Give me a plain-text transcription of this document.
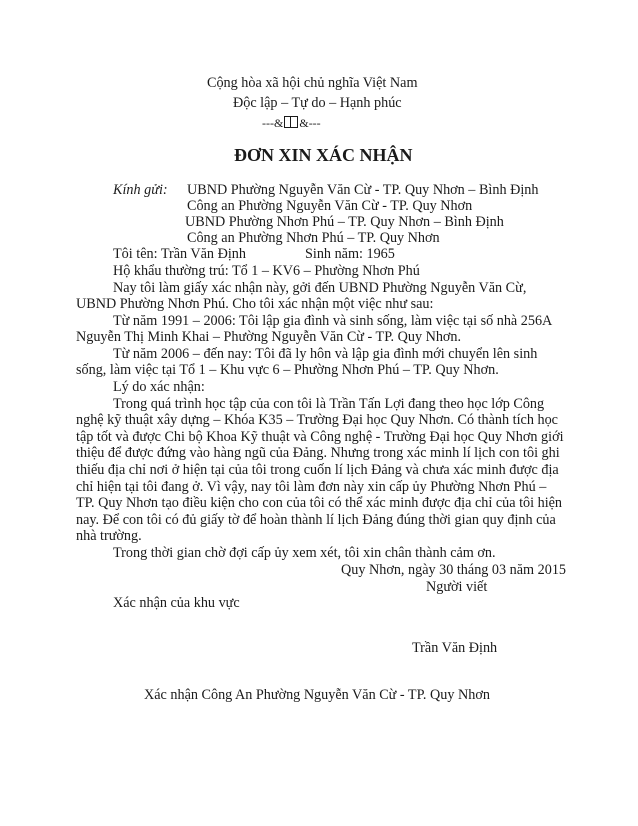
Cộng hòa xã hội chủ nghĩa Việt Nam
Độc lập – Tự do – Hạnh phúc
---& &---
ĐƠN XIN XÁC NHẬN
Kính gửi: UBND Phường Nguyễn Văn Cừ - TP. Quy Nhơn – Bình Định
Công an Phường Nguyễn Văn Cừ - TP. Quy Nhơn
UBND Phường Nhơn Phú – TP. Quy Nhơn – Bình Định
Công an Phường Nhơn Phú – TP. Quy Nhơn
Tôi tên: Trần Văn Định	Sinh năm: 1965
Hộ khẩu thường trú: Tổ 1 – KV6 – Phường Nhơn Phú
Nay tôi làm giấy xác nhận này, gởi đến UBND Phường Nguyễn Văn Cừ,
UBND Phường Nhơn Phú. Cho tôi xác nhận một việc như sau:
Từ năm 1991 – 2006: Tôi lập gia đình và sinh sống, làm việc tại số nhà 256A
Nguyễn Thị Minh Khai – Phường Nguyễn Văn Cừ - TP. Quy Nhơn.
Từ năm 2006 – đến nay: Tôi đã ly hôn và lập gia đình mới chuyển lên sinh
sống, làm việc tại Tổ 1 – Khu vực 6 – Phường Nhơn Phú – TP. Quy Nhơn.
Lý do xác nhận:
Trong quá trình học tập của con tôi là Trần Tấn Lợi đang theo học lớp Công
nghệ kỹ thuật xây dựng – Khóa K35 – Trường Đại học Quy Nhơn. Có thành tích học
tập tốt và được Chi bộ Khoa Kỹ thuật và Công nghệ - Trường Đại học Quy Nhơn giới
thiệu để được đứng vào hàng ngũ của Đảng. Nhưng trong xác minh lí lịch con tôi ghi
thiếu địa chỉ nơi ở hiện tại của tôi trong cuốn lí lịch Đảng và chưa xác minh được địa
chỉ hiện tại tôi đang ở. Vì vậy, nay tôi làm đơn này xin cấp ủy Phường Nhơn Phú –
TP. Quy Nhơn tạo điều kiện cho con của tôi có thể xác minh được địa chỉ của tôi hiện
nay. Để con tôi có đủ giấy tờ để hoàn thành lí lịch Đảng đúng thời gian quy định của
nhà trường.
Trong thời gian chờ đợi cấp ủy xem xét, tôi xin chân thành cảm ơn.
Quy Nhơn, ngày 30 tháng 03 năm 2015
Người viết
Xác nhận của khu vực
Trần Văn Định
Xác nhận Công An Phường Nguyễn Văn Cừ - TP. Quy Nhơn
